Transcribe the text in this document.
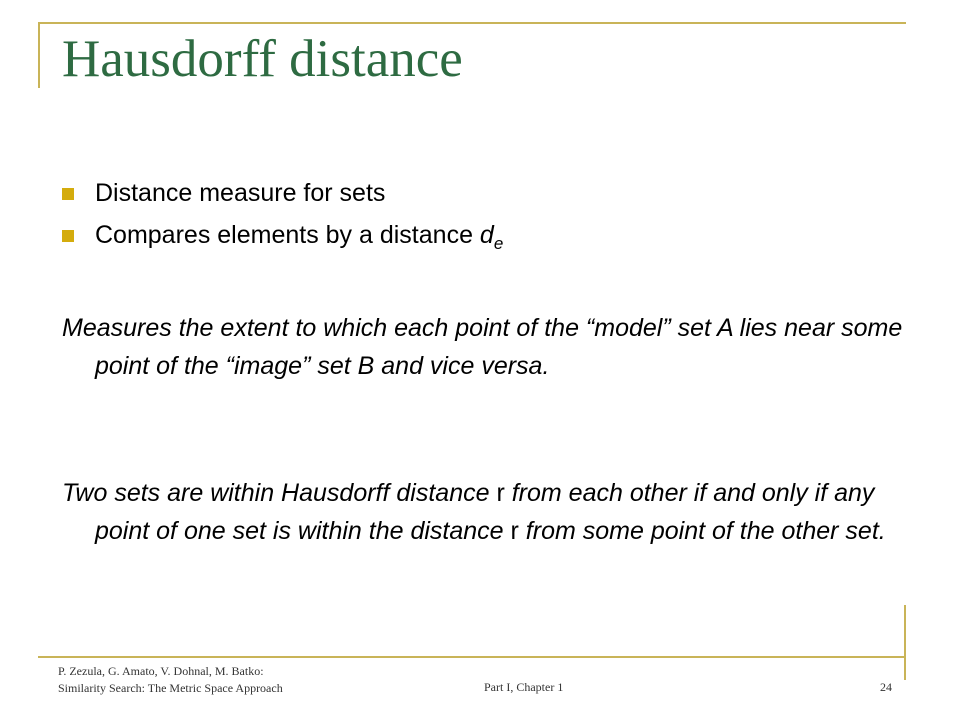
Hausdorff distance
Distance measure for sets
Compares elements by a distance $d_e$

Measures the extent to which each point of the “model” set A lies near some point of the “image” set B and vice versa.

Two sets are within Hausdorff distance r from each other if and only if any point of one set is within the distance r from some point of the other set.

P. Zezula, G. Amato, V. Dohnal, M. Batko:
Similarity Search: The Metric Space Approach	Part I, Chapter 1	24
